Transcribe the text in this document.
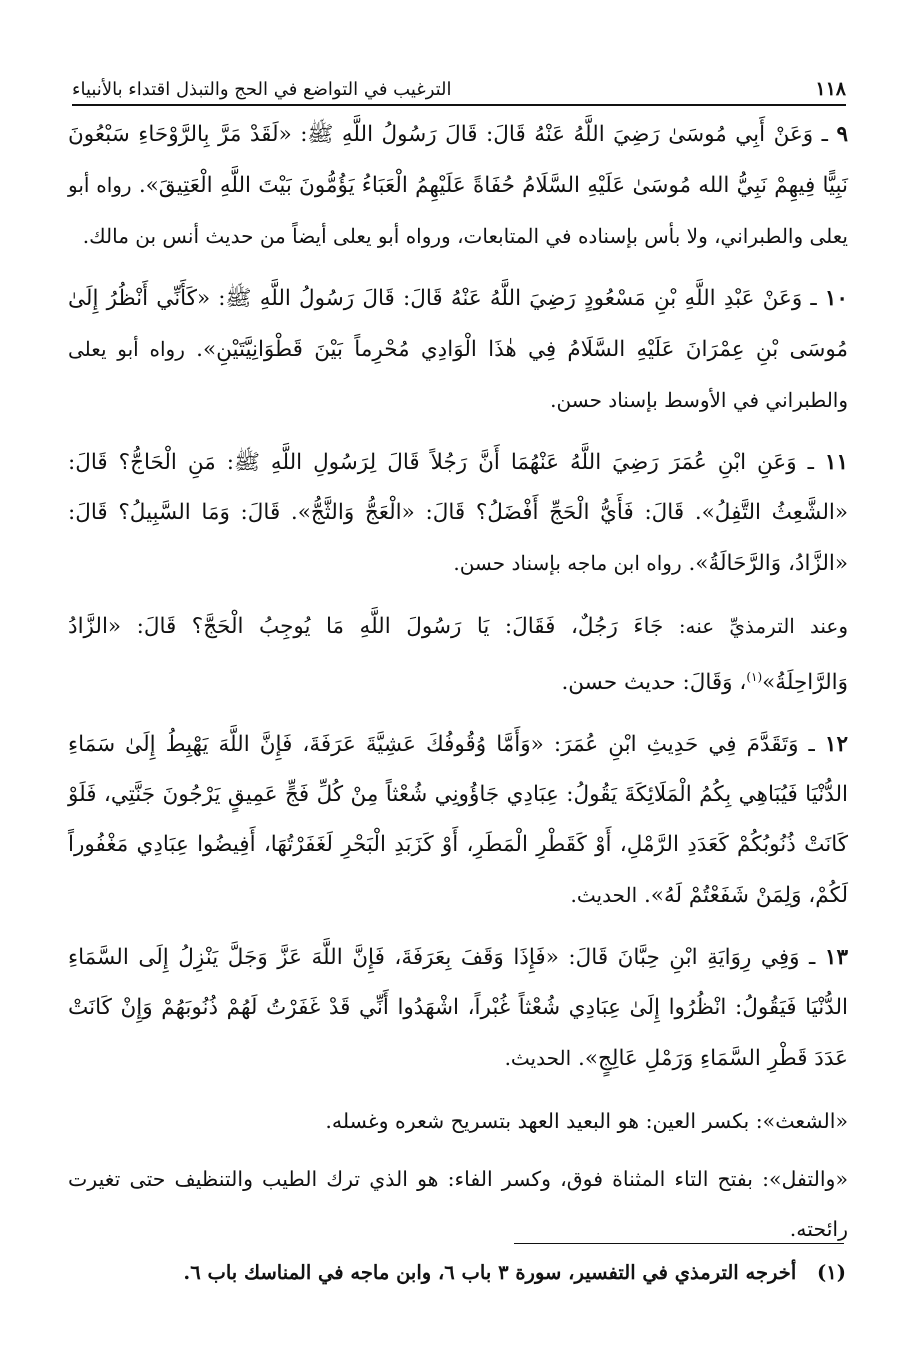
١١٨
الترغيب في التواضع في الحج والتبذل اقتداء بالأنبياء

٩ ـ وَعَنْ أَبِي مُوسَىٰ رَضِيَ اللَّهُ عَنْهُ قَالَ: قَالَ رَسُولُ اللَّهِ ﷺ: «لَقَدْ مَرَّ بِالرَّوْحَاءِ سَبْعُونَ نَبِيًّا فِيهِمْ نَبِيُّ الله مُوسَىٰ عَلَيْهِ السَّلَامُ حُفَاةً عَلَيْهِمُ الْعَبَاءُ يَؤُمُّونَ بَيْتَ اللَّهِ الْعَتِيقَ». رواه أبو يعلى والطبراني، ولا بأس بإسناده في المتابعات، ورواه أبو يعلى أيضاً من حديث أنس بن مالك.

١٠ ـ وَعَنْ عَبْدِ اللَّهِ بْنِ مَسْعُودٍ رَضِيَ اللَّهُ عَنْهُ قَالَ: قَالَ رَسُولُ اللَّهِ ﷺ: «كَأَنِّي أَنْظُرُ إِلَىٰ مُوسَى بْنِ عِمْرَانَ عَلَيْهِ السَّلَامُ فِي هٰذَا الْوَادِي مُحْرِماً بَيْنَ قَطْوَانِيَّتَيْنِ». رواه أبو يعلى والطبراني في الأوسط بإسناد حسن.

١١ ـ وَعَنِ ابْنِ عُمَرَ رَضِيَ اللَّهُ عَنْهُمَا أَنَّ رَجُلاً قَالَ لِرَسُولِ اللَّهِ ﷺ: مَنِ الْحَاجُّ؟ قَالَ: «الشَّعِثُ التَّفِلُ». قَالَ: فَأَيُّ الْحَجِّ أَفْضَلُ؟ قَالَ: «الْعَجُّ وَالثَّجُّ». قَالَ: وَمَا السَّبِيلُ؟ قَالَ: «الزَّادُ، وَالرَّحَالَةُ». رواه ابن ماجه بإسناد حسن.

وعند الترمذيِّ عنه: جَاءَ رَجُلٌ، فَقَالَ: يَا رَسُولَ اللَّهِ مَا يُوجِبُ الْحَجَّ؟ قَالَ: «الزَّادُ وَالرَّاحِلَةُ»$^{(١)}$، وَقَالَ: حديث حسن.

١٢ ـ وَتَقَدَّمَ فِي حَدِيثِ ابْنِ عُمَرَ: «وَأَمَّا وُقُوفُكَ عَشِيَّةَ عَرَفَةَ، فَإِنَّ اللَّهَ يَهْبِطُ إِلَىٰ سَمَاءِ الدُّنْيَا فَيُبَاهِي بِكُمُ الْمَلَائِكَةَ يَقُولُ: عِبَادِي جَاؤُونِي شُعْثاً مِنْ كُلِّ فَجٍّ عَمِيقٍ يَرْجُونَ جَنَّتِي، فَلَوْ كَانَتْ ذُنُوبُكُمْ كَعَدَدِ الرَّمْلِ، أَوْ كَقَطْرِ الْمَطَرِ، أَوْ كَزَبَدِ الْبَحْرِ لَغَفَرْتُهَا، أَفِيضُوا عِبَادِي مَغْفُوراً لَكُمْ، وَلِمَنْ شَفَعْتُمْ لَهُ». الحديث.

١٣ ـ وَفِي رِوَايَةِ ابْنِ حِبَّانَ قَالَ: «فَإِذَا وَقَفَ بِعَرَفَةَ، فَإِنَّ اللَّهَ عَزَّ وَجَلَّ يَنْزِلُ إِلَى السَّمَاءِ الدُّنْيَا فَيَقُولُ: انْظُرُوا إِلَىٰ عِبَادِي شُعْثاً غُبْراً، اشْهَدُوا أَنِّي قَدْ غَفَرْتُ لَهُمْ ذُنُوبَهُمْ وَإِنْ كَانَتْ عَدَدَ قَطْرِ السَّمَاءِ وَرَمْلِ عَالِجٍ». الحديث.

«الشعث»: بكسر العين: هو البعيد العهد بتسريح شعره وغسله.

«والتفل»: بفتح التاء المثناة فوق، وكسر الفاء: هو الذي ترك الطيب والتنظيف حتى تغيرت رائحته.

(١) أخرجه الترمذي في التفسير، سورة ٣ باب ٦، وابن ماجه في المناسك باب ٦.
